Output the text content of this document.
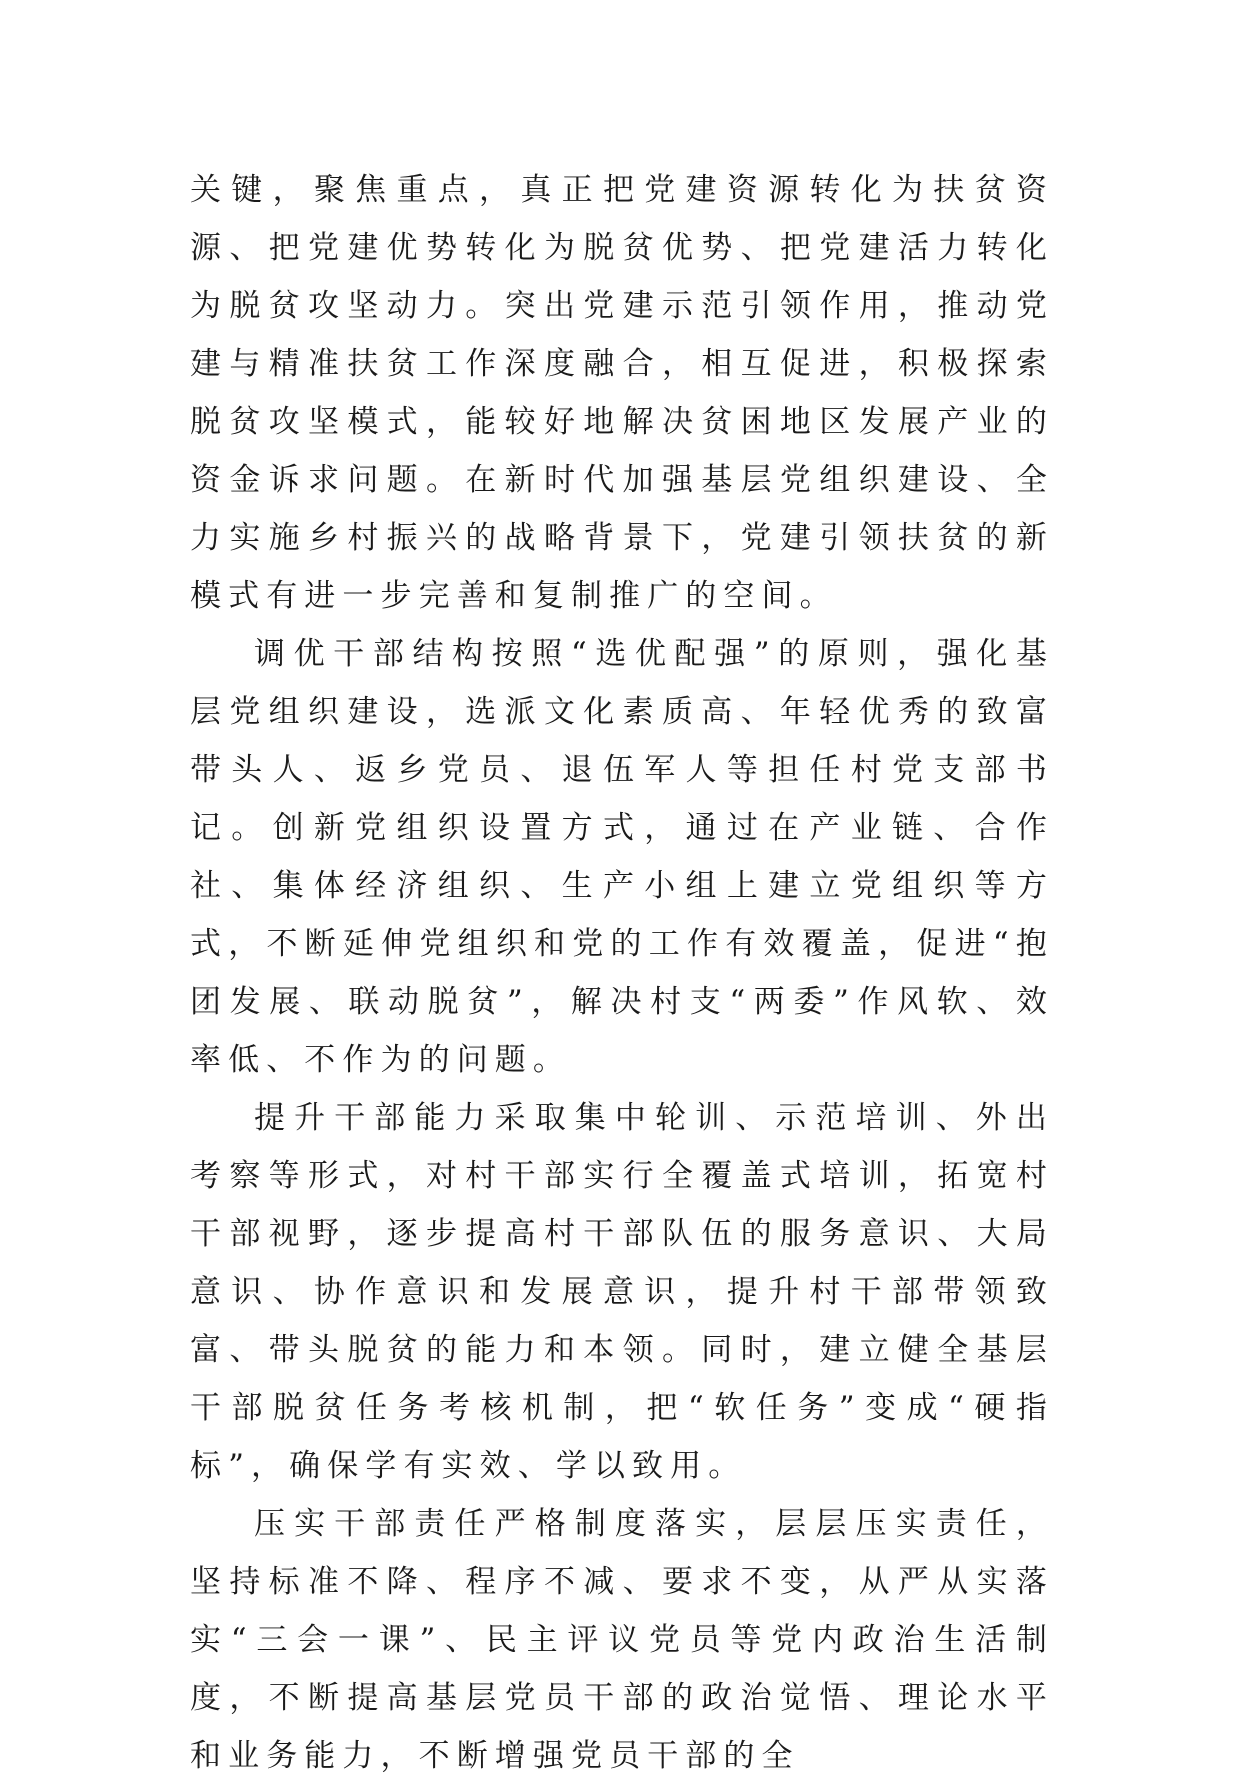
关键，聚焦重点，真正把党建资源转化为扶贫资源、把党建优势转化为脱贫优势、把党建活力转化为脱贫攻坚动力。突出党建示范引领作用，推动党建与精准扶贫工作深度融合，相互促进，积极探索脱贫攻坚模式，能较好地解决贫困地区发展产业的资金诉求问题。在新时代加强基层党组织建设、全力实施乡村振兴的战略背景下，党建引领扶贫的新模式有进一步完善和复制推广的空间。

调优干部结构按照“选优配强”的原则，强化基层党组织建设，选派文化素质高、年轻优秀的致富带头人、返乡党员、退伍军人等担任村党支部书记。创新党组织设置方式，通过在产业链、合作社、集体经济组织、生产小组上建立党组织等方式，不断延伸党组织和党的工作有效覆盖，促进“抱团发展、联动脱贫”，解决村支“两委”作风软、效率低、不作为的问题。

提升干部能力采取集中轮训、示范培训、外出考察等形式，对村干部实行全覆盖式培训，拓宽村干部视野，逐步提高村干部队伍的服务意识、大局意识、协作意识和发展意识，提升村干部带领致富、带头脱贫的能力和本领。同时，建立健全基层干部脱贫任务考核机制，把“软任务”变成“硬指标”，确保学有实效、学以致用。

压实干部责任严格制度落实，层层压实责任，坚持标准不降、程序不减、要求不变，从严从实落实“三会一课”、民主评议党员等党内政治生活制度，不断提高基层党员干部的政治觉悟、理论水平和业务能力，不断增强党员干部的全
